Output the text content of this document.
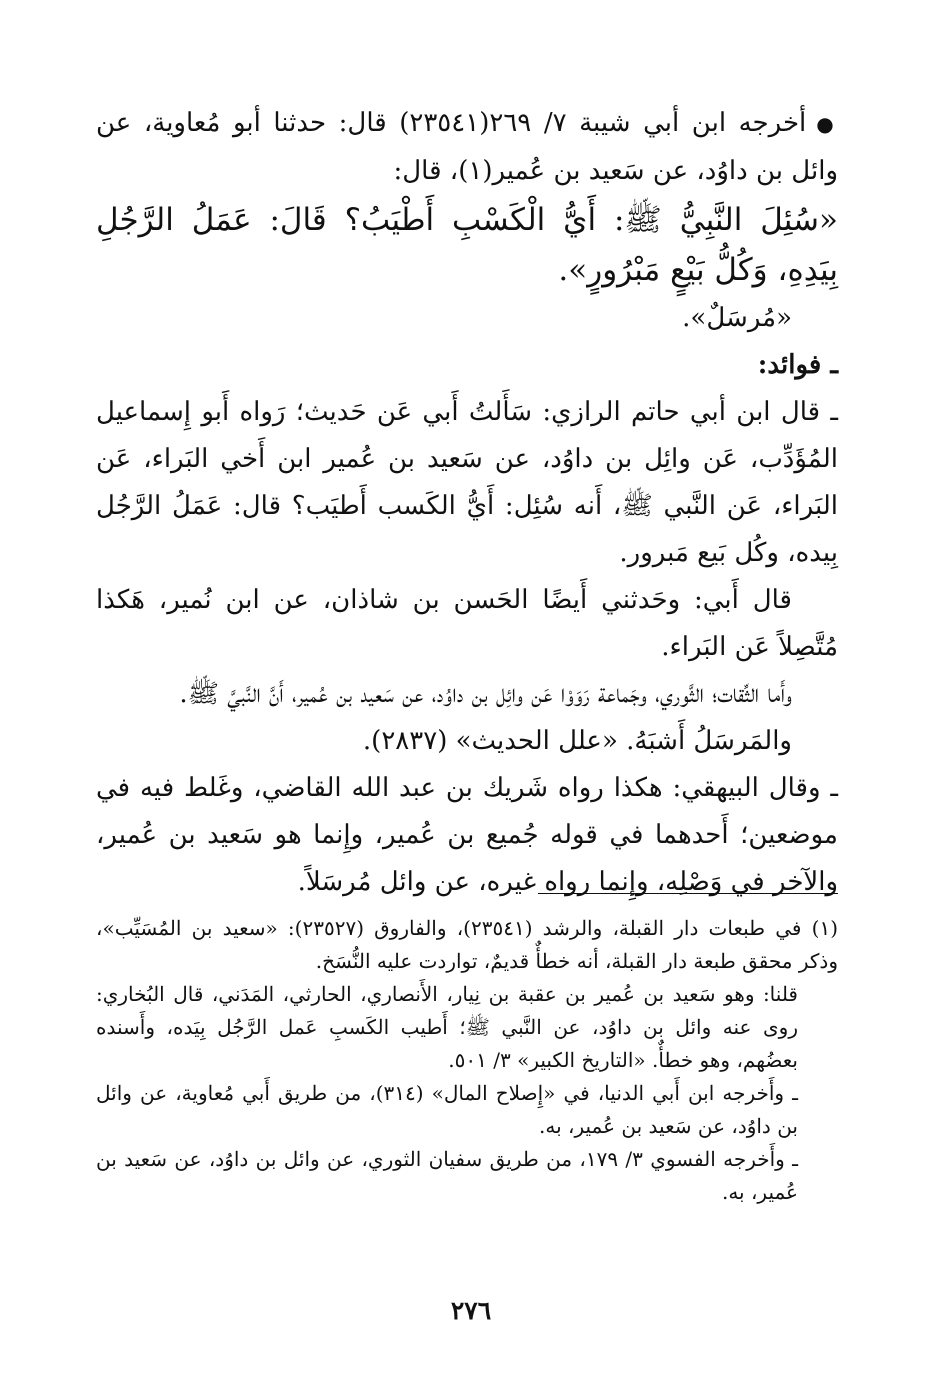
●أخرجه ابن أبي شيبة ٧/ ٢٦٩(٢٣٥٤١) قال: حدثنا أبو مُعاوية، عن وائل بن داوُد، عن سَعيد بن عُمير(١)، قال:

«سُئِلَ النَّبِيُّ ﷺ: أَيُّ الْكَسْبِ أَطْيَبُ؟ قَالَ: عَمَلُ الرَّجُلِ بِيَدِهِ، وَكُلُّ بَيْعٍ مَبْرُورٍ».

«مُرسَلٌ».

ـ فوائد:

ـ قال ابن أبي حاتم الرازي: سَأَلتُ أَبي عَن حَديث؛ رَواه أَبو إِسماعيل المُؤَدِّب، عَن وائِل بن داوُد، عن سَعيد بن عُمير ابن أَخي البَراء، عَن البَراء، عَن النَّبي ﷺ، أَنه سُئِل: أَيُّ الكَسب أَطيَب؟ قال: عَمَلُ الرَّجُل بِيده، وكُل بَيع مَبرور.

قال أَبي: وحَدثني أَيضًا الحَسن بن شاذان، عن ابن نُمير، هَكذا مُتَّصِلاً عَن البَراء.

وأَما الثِّقات؛ الثَّوري، وجَماعة رَوَوْا عَن وائِل بن داوُد، عن سَعيد بن عُمير، أَنَّ النَّبيَّ ﷺ.

والمَرسَلُ أَشبَهُ. «علل الحديث» (٢٨٣٧).

ـ وقال البيهقي: هكذا رواه شَريك بن عبد الله القاضي، وغَلط فيه في موضعين؛ أَحدهما في قوله جُميع بن عُمير، وإِنما هو سَعيد بن عُمير، والآخر في وَصْلِه، وإِنما رواه غيره، عن وائل مُرسَلاً.

(١) في طبعات دار القبلة، والرشد (٢٣٥٤١)، والفاروق (٢٣٥٢٧): «سعيد بن المُسَيِّب»، وذكر محقق طبعة دار القبلة، أنه خطأٌ قديمٌ، تواردت عليه النُّسَخ.

قلنا: وهو سَعيد بن عُمير بن عقبة بن نِيار، الأَنصاري، الحارثي، المَدَني، قال البُخاري: روى عنه وائل بن داوُد، عن النَّبي ﷺ؛ أَطيب الكَسبِ عَمل الرَّجُل بِيَده، وأَسنده بعضُهم، وهو خطأٌ. «التاريخ الكبير» ٣/ ٥٠١.

ـ وأَخرجه ابن أَبي الدنيا، في «إِصلاح المال» (٣١٤)، من طريق أَبي مُعاوية، عن وائل بن داوُد، عن سَعيد بن عُمير، به.

ـ وأَخرجه الفسوي ٣/ ١٧٩، من طريق سفيان الثوري، عن وائل بن داوُد، عن سَعيد بن عُمير، به.

٢٧٦
